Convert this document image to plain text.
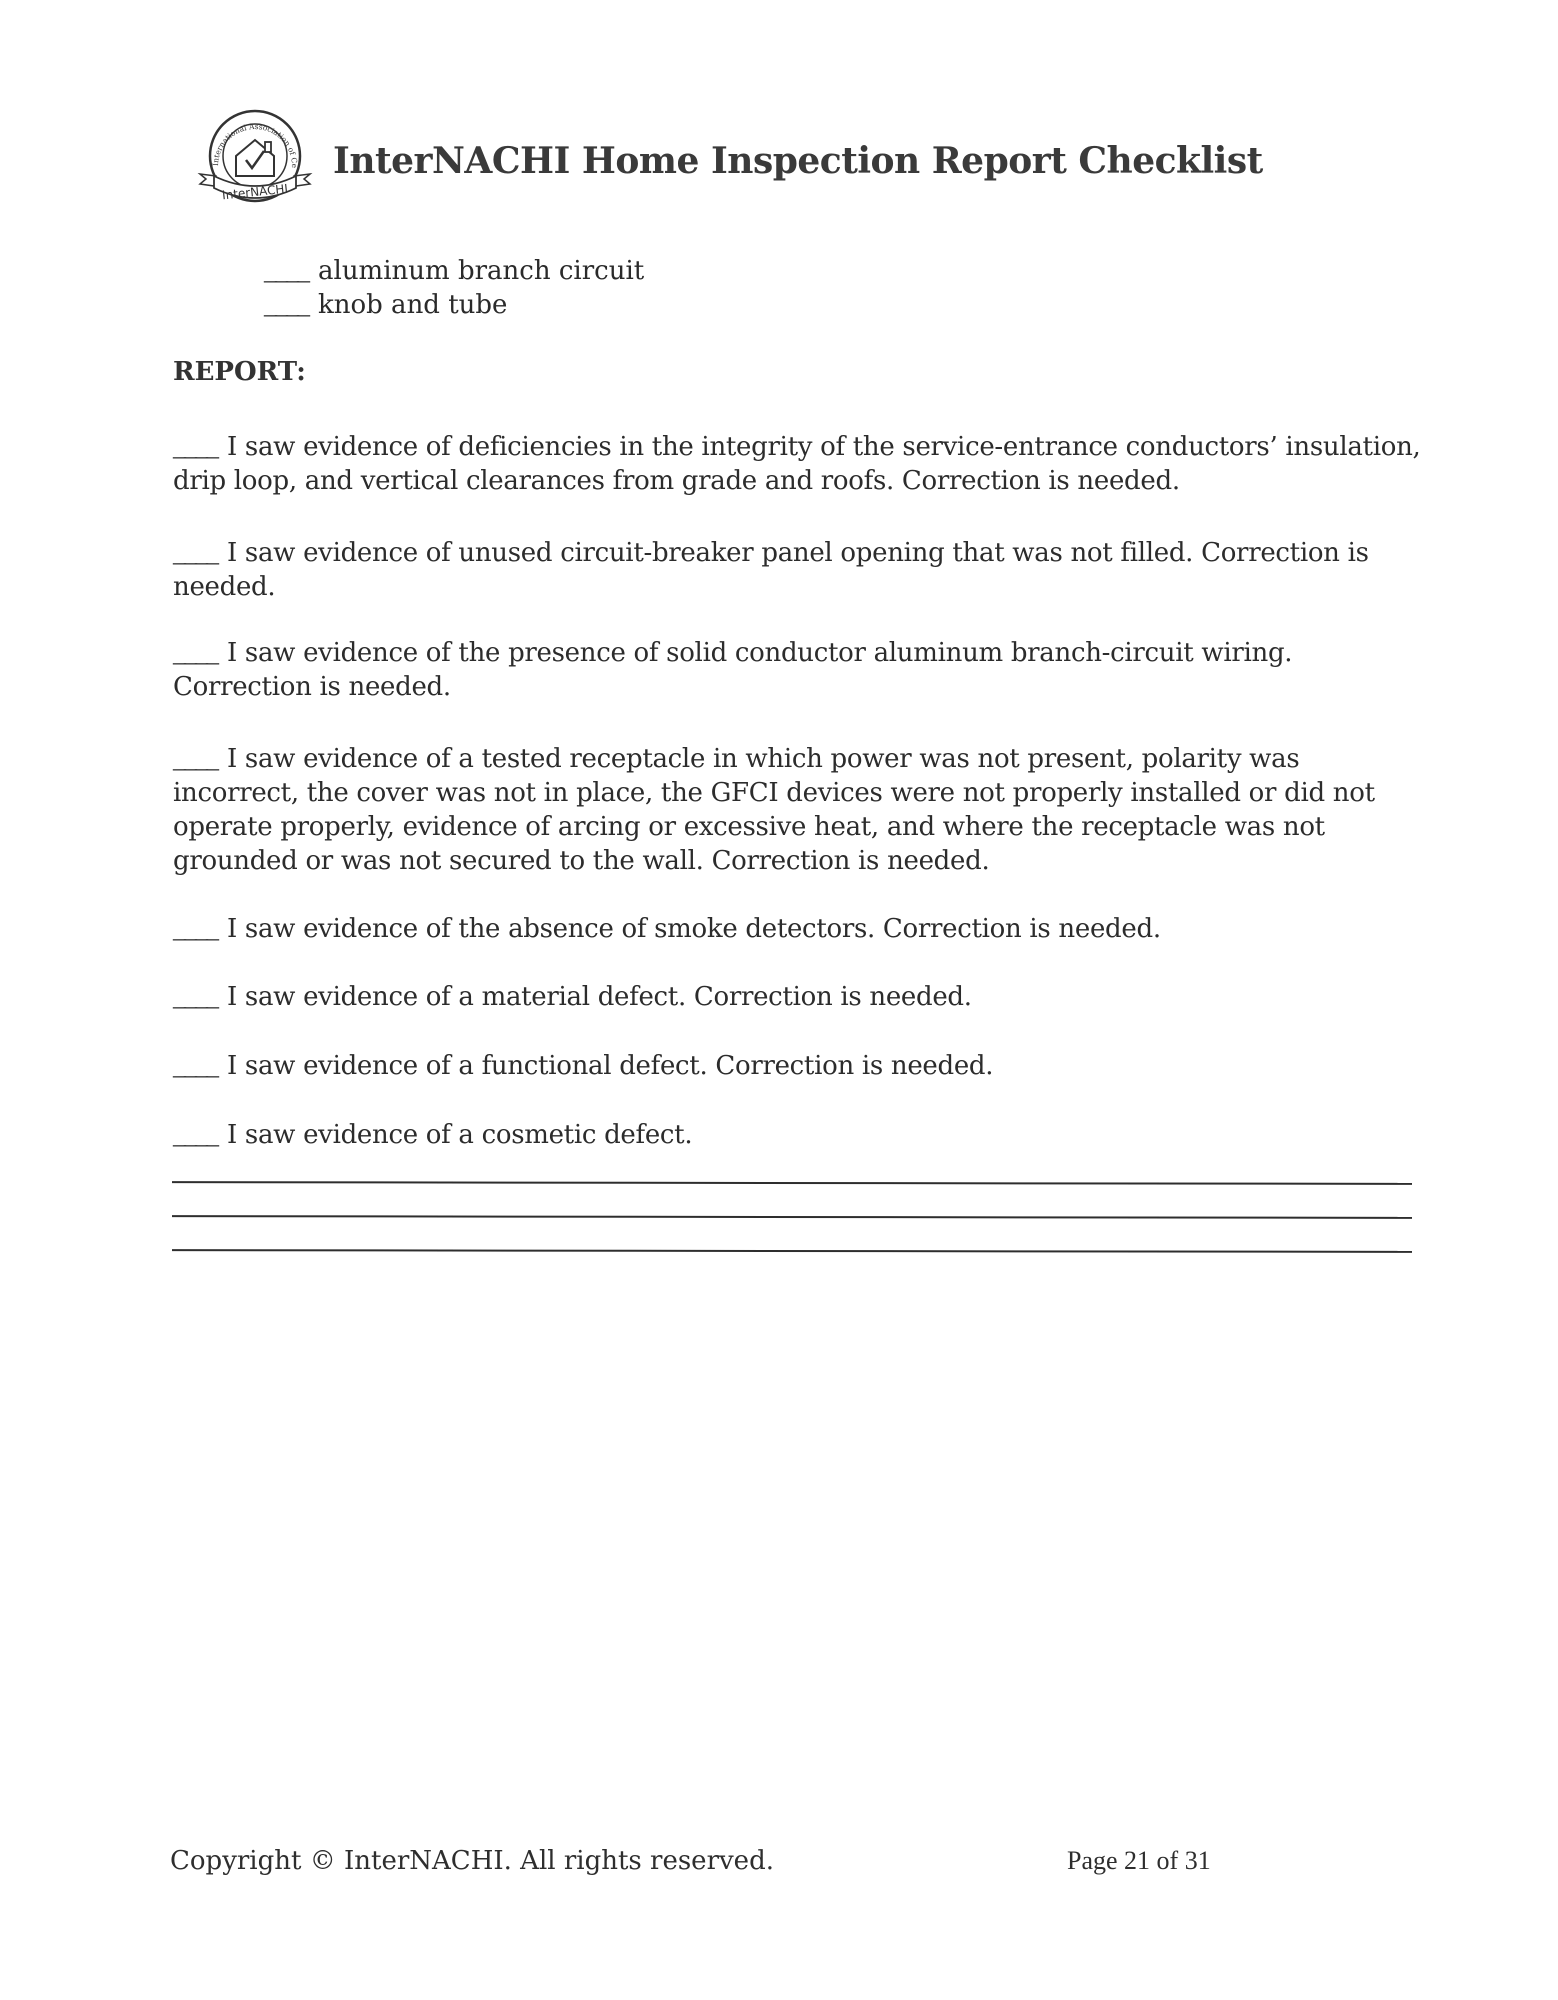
International Association of Ce
InterNACHI
InterNACHI Home Inspection Report Checklist
____ aluminum branch circuit
____ knob and tube
REPORT:
____ I saw evidence of deficiencies in the integrity of the service-entrance conductors’ insulation, drip loop, and vertical clearances from grade and roofs. Correction is needed.
____ I saw evidence of unused circuit-breaker panel opening that was not filled. Correction is needed.
____ I saw evidence of the presence of solid conductor aluminum branch-circuit wiring. Correction is needed.
____ I saw evidence of a tested receptacle in which power was not present, polarity was incorrect, the cover was not in place, the GFCI devices were not properly installed or did not operate properly, evidence of arcing or excessive heat, and where the receptacle was not grounded or was not secured to the wall. Correction is needed.
____ I saw evidence of the absence of smoke detectors. Correction is needed.
____ I saw evidence of a material defect. Correction is needed.
____ I saw evidence of a functional defect. Correction is needed.
____ I saw evidence of a cosmetic defect.
Copyright © InterNACHI. All rights reserved.	Page 21 of 31
